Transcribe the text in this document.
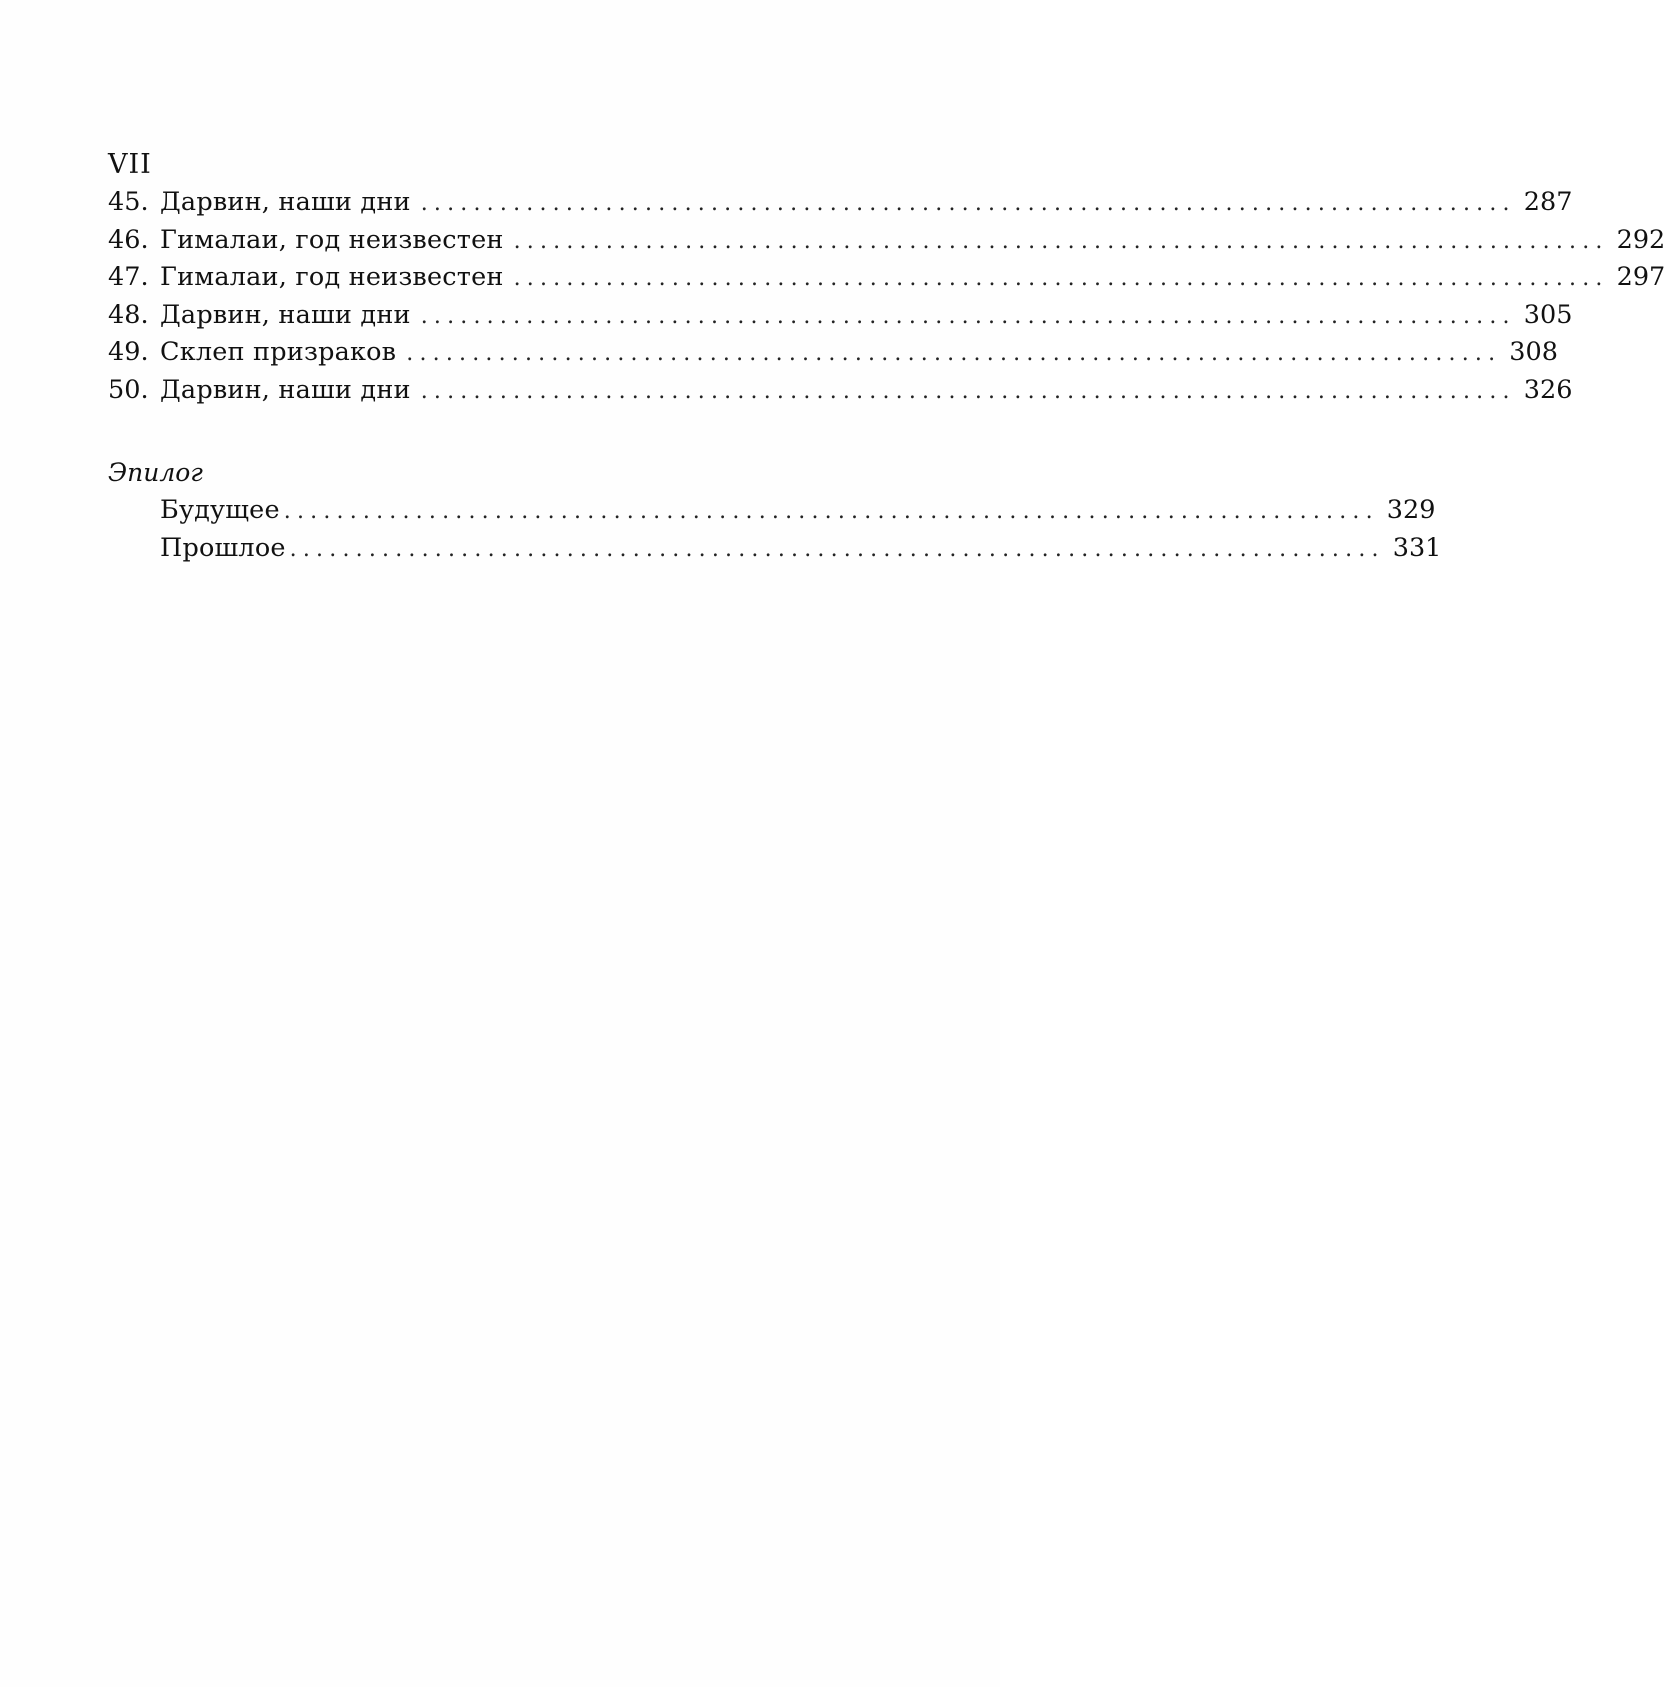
VII
45. Дарвин, наши дни ................................................................................... 287
46. Гималаи, год неизвестен ................................................................................... 292
47. Гималаи, год неизвестен ................................................................................... 297
48. Дарвин, наши дни ................................................................................... 305
49. Склеп призраков ................................................................................... 308
50. Дарвин, наши дни ................................................................................... 326
Эпилог
Будущее ................................................................................... 329
Прошлое ................................................................................... 331
